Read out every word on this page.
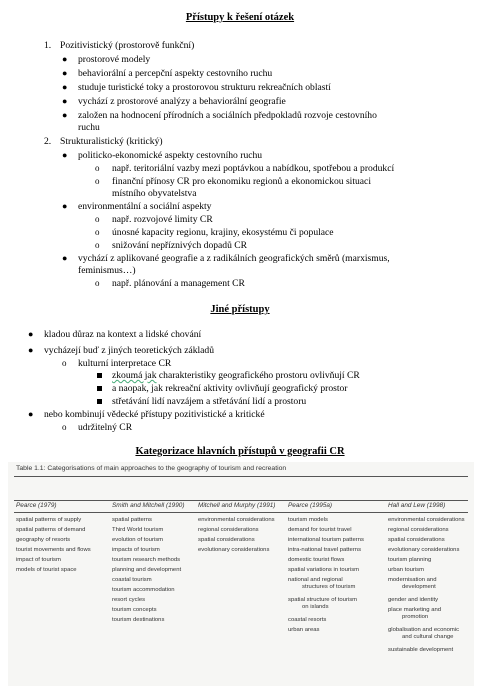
Přístupy k řešení otázek
1. Pozitivistický (prostorově funkční)
● prostorové modely
● behaviorální a percepční aspekty cestovního ruchu
● studuje turistické toky a prostorovou strukturu rekreačních oblastí
● vychází z prostorové analýzy a behaviorální geografie
● založen na hodnocení přírodních a sociálních předpokladů rozvoje cestovního
ruchu
2. Strukturalistický (kritický)
● politicko-ekonomické aspekty cestovního ruchu
o např. teritoriální vazby mezi poptávkou a nabídkou, spotřebou a produkcí
o finanční přínosy CR pro ekonomiku regionů a ekonomickou situaci
místního obyvatelstva
● environmentální a sociální aspekty
o např. rozvojové limity CR
o únosné kapacity regionu, krajiny, ekosystému či populace
o snižování nepříznivých dopadů CR
● vychází z aplikované geografie a z radikálních geografických směrů (marxismus,
feminismus…)
o např. plánování a management CR
Jiné přístupy
● kladou důraz na kontext a lidské chování
● vycházejí buď z jiných teoretických základů
o kulturní interpretace CR
zkoumá jak charakteristiky geografického prostoru ovlivňují CR
a naopak, jak rekreační aktivity ovlivňují geografický prostor
střetávání lidí navzájem a střetávání lidí a prostoru
● nebo kombinují vědecké přístupy pozitivistické a kritické
o udržitelný CR
Kategorizace hlavních přístupů v geografii CR
Table 1.1: Categorisations of main approaches to the geography of tourism and recreation
Pearce (1979)	Smith and Mitchell (1990) Mitchell and Murphy (1991) Pearce (1995a)	Hall and Lew (1998)
spatial patterns of supply
spatial patterns of demand
geography of resorts
tourist movements and flows
impact of tourism
models of tourist space
spatial patterns
Third World tourism
evolution of tourism
impacts of tourism
tourism research methods
planning and development
coastal tourism
tourism accommodation
resort cycles
tourism concepts
tourism destinations
environmental considerations
regional considerations
spatial considerations
evolutionary considerations
tourism models
demand for tourist travel
international tourism patterns
intra-national travel patterns
domestic tourist flows
spatial variations in tourism
national and regional
structures of tourism
spatial structure of tourism
on islands
coastal resorts
urban areas
environmental considerations
regional considerations
spatial considerations
evolutionary considerations
tourism planning
urban tourism
modernisation and
development
gender and identity
place marketing and
promotion
globalisation and economic
and cultural change
sustainable development
